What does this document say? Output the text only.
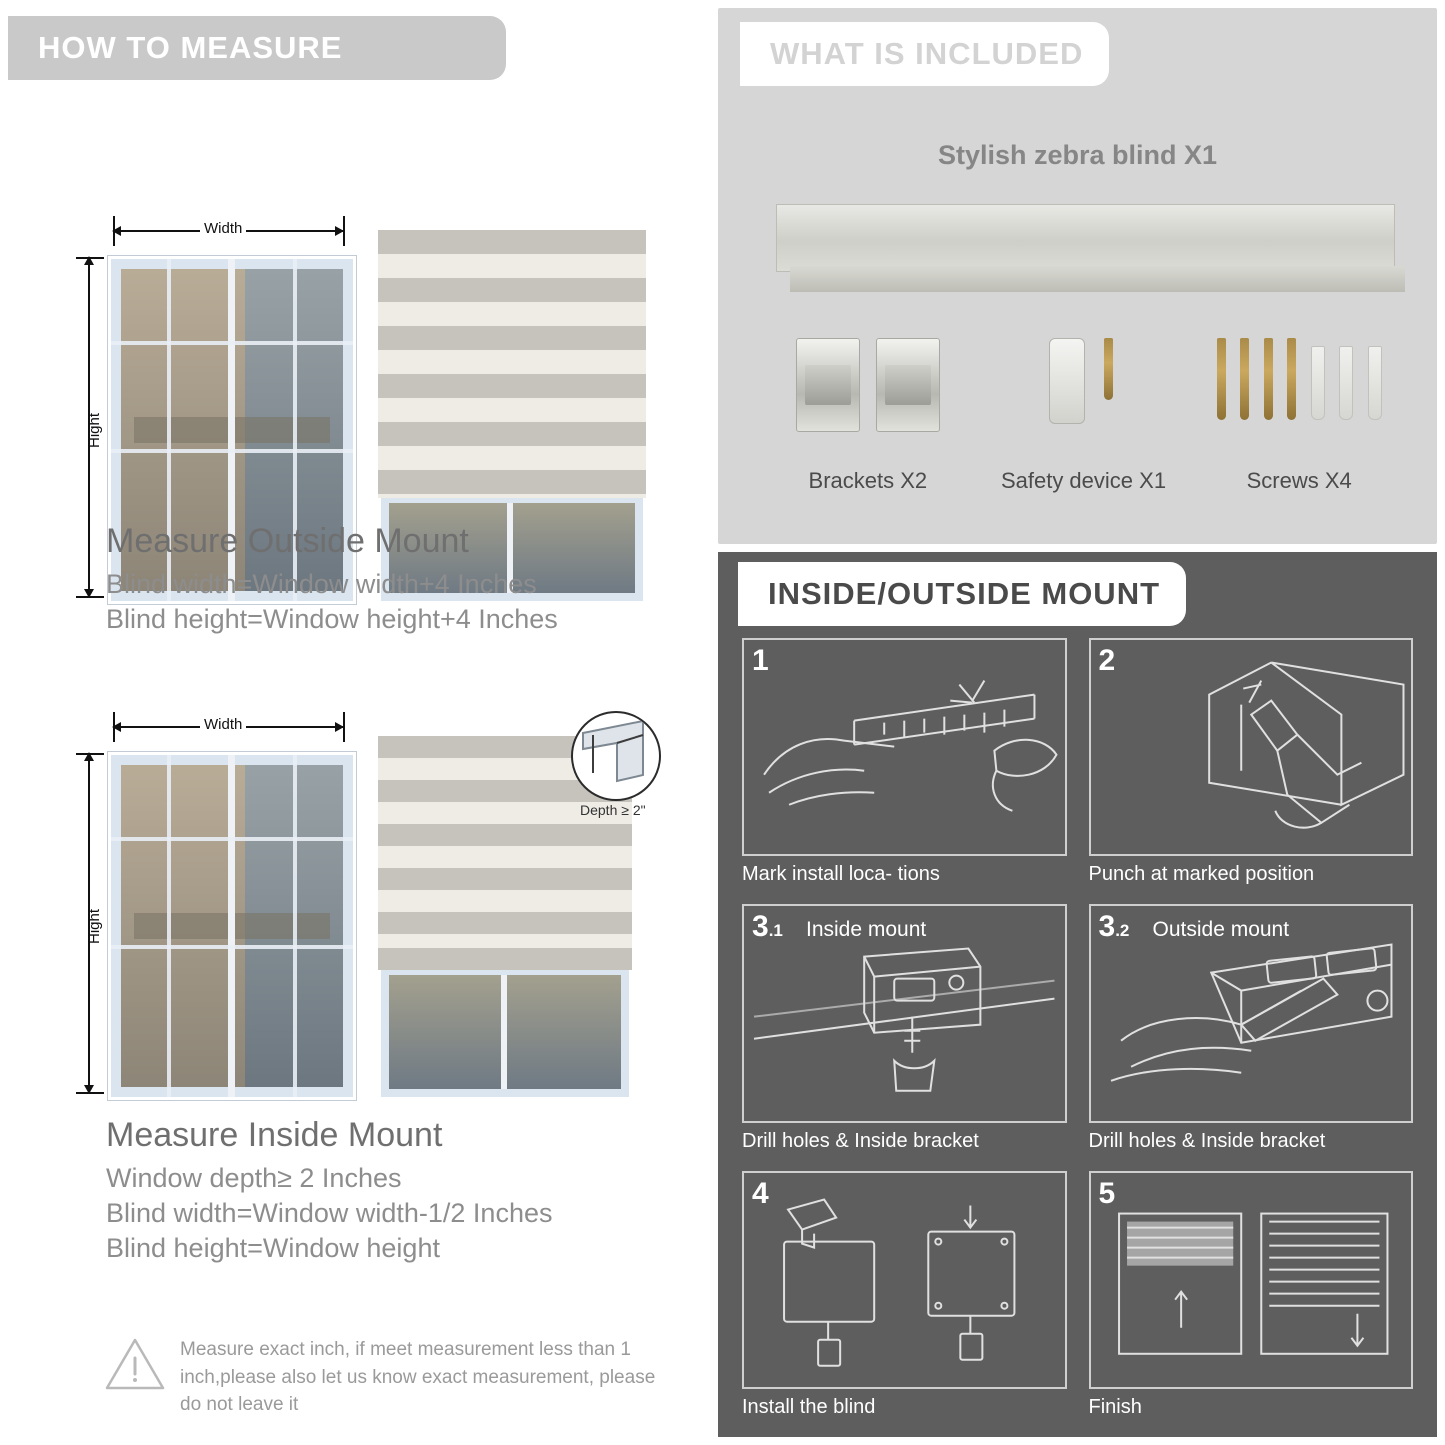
HOW TO MEASURE
Width
Hight
Measure Outside Mount
Blind width=Window width+4 Inches
Blind height=Window height+4 Inches
Width
Hight
Depth ≥ 2"
Measure Inside Mount
Window depth≥ 2 Inches
Blind width=Window width-1/2 Inches
Blind height=Window height
Measure exact inch, if meet measurement less than 1 inch,please also let us know exact measurement, please do not leave it
WHAT IS INCLUDED
Stylish zebra blind X1

Brackets X2
	Safety device X1
	Screws X4
INSIDE/OUTSIDE MOUNT
1
Mark install loca- tions
2
Punch at marked position
3.1 Inside mount
Drill holes & Inside bracket
3.2 Outside mount
Drill holes & Inside bracket
4
Install the blind
5
Finish
